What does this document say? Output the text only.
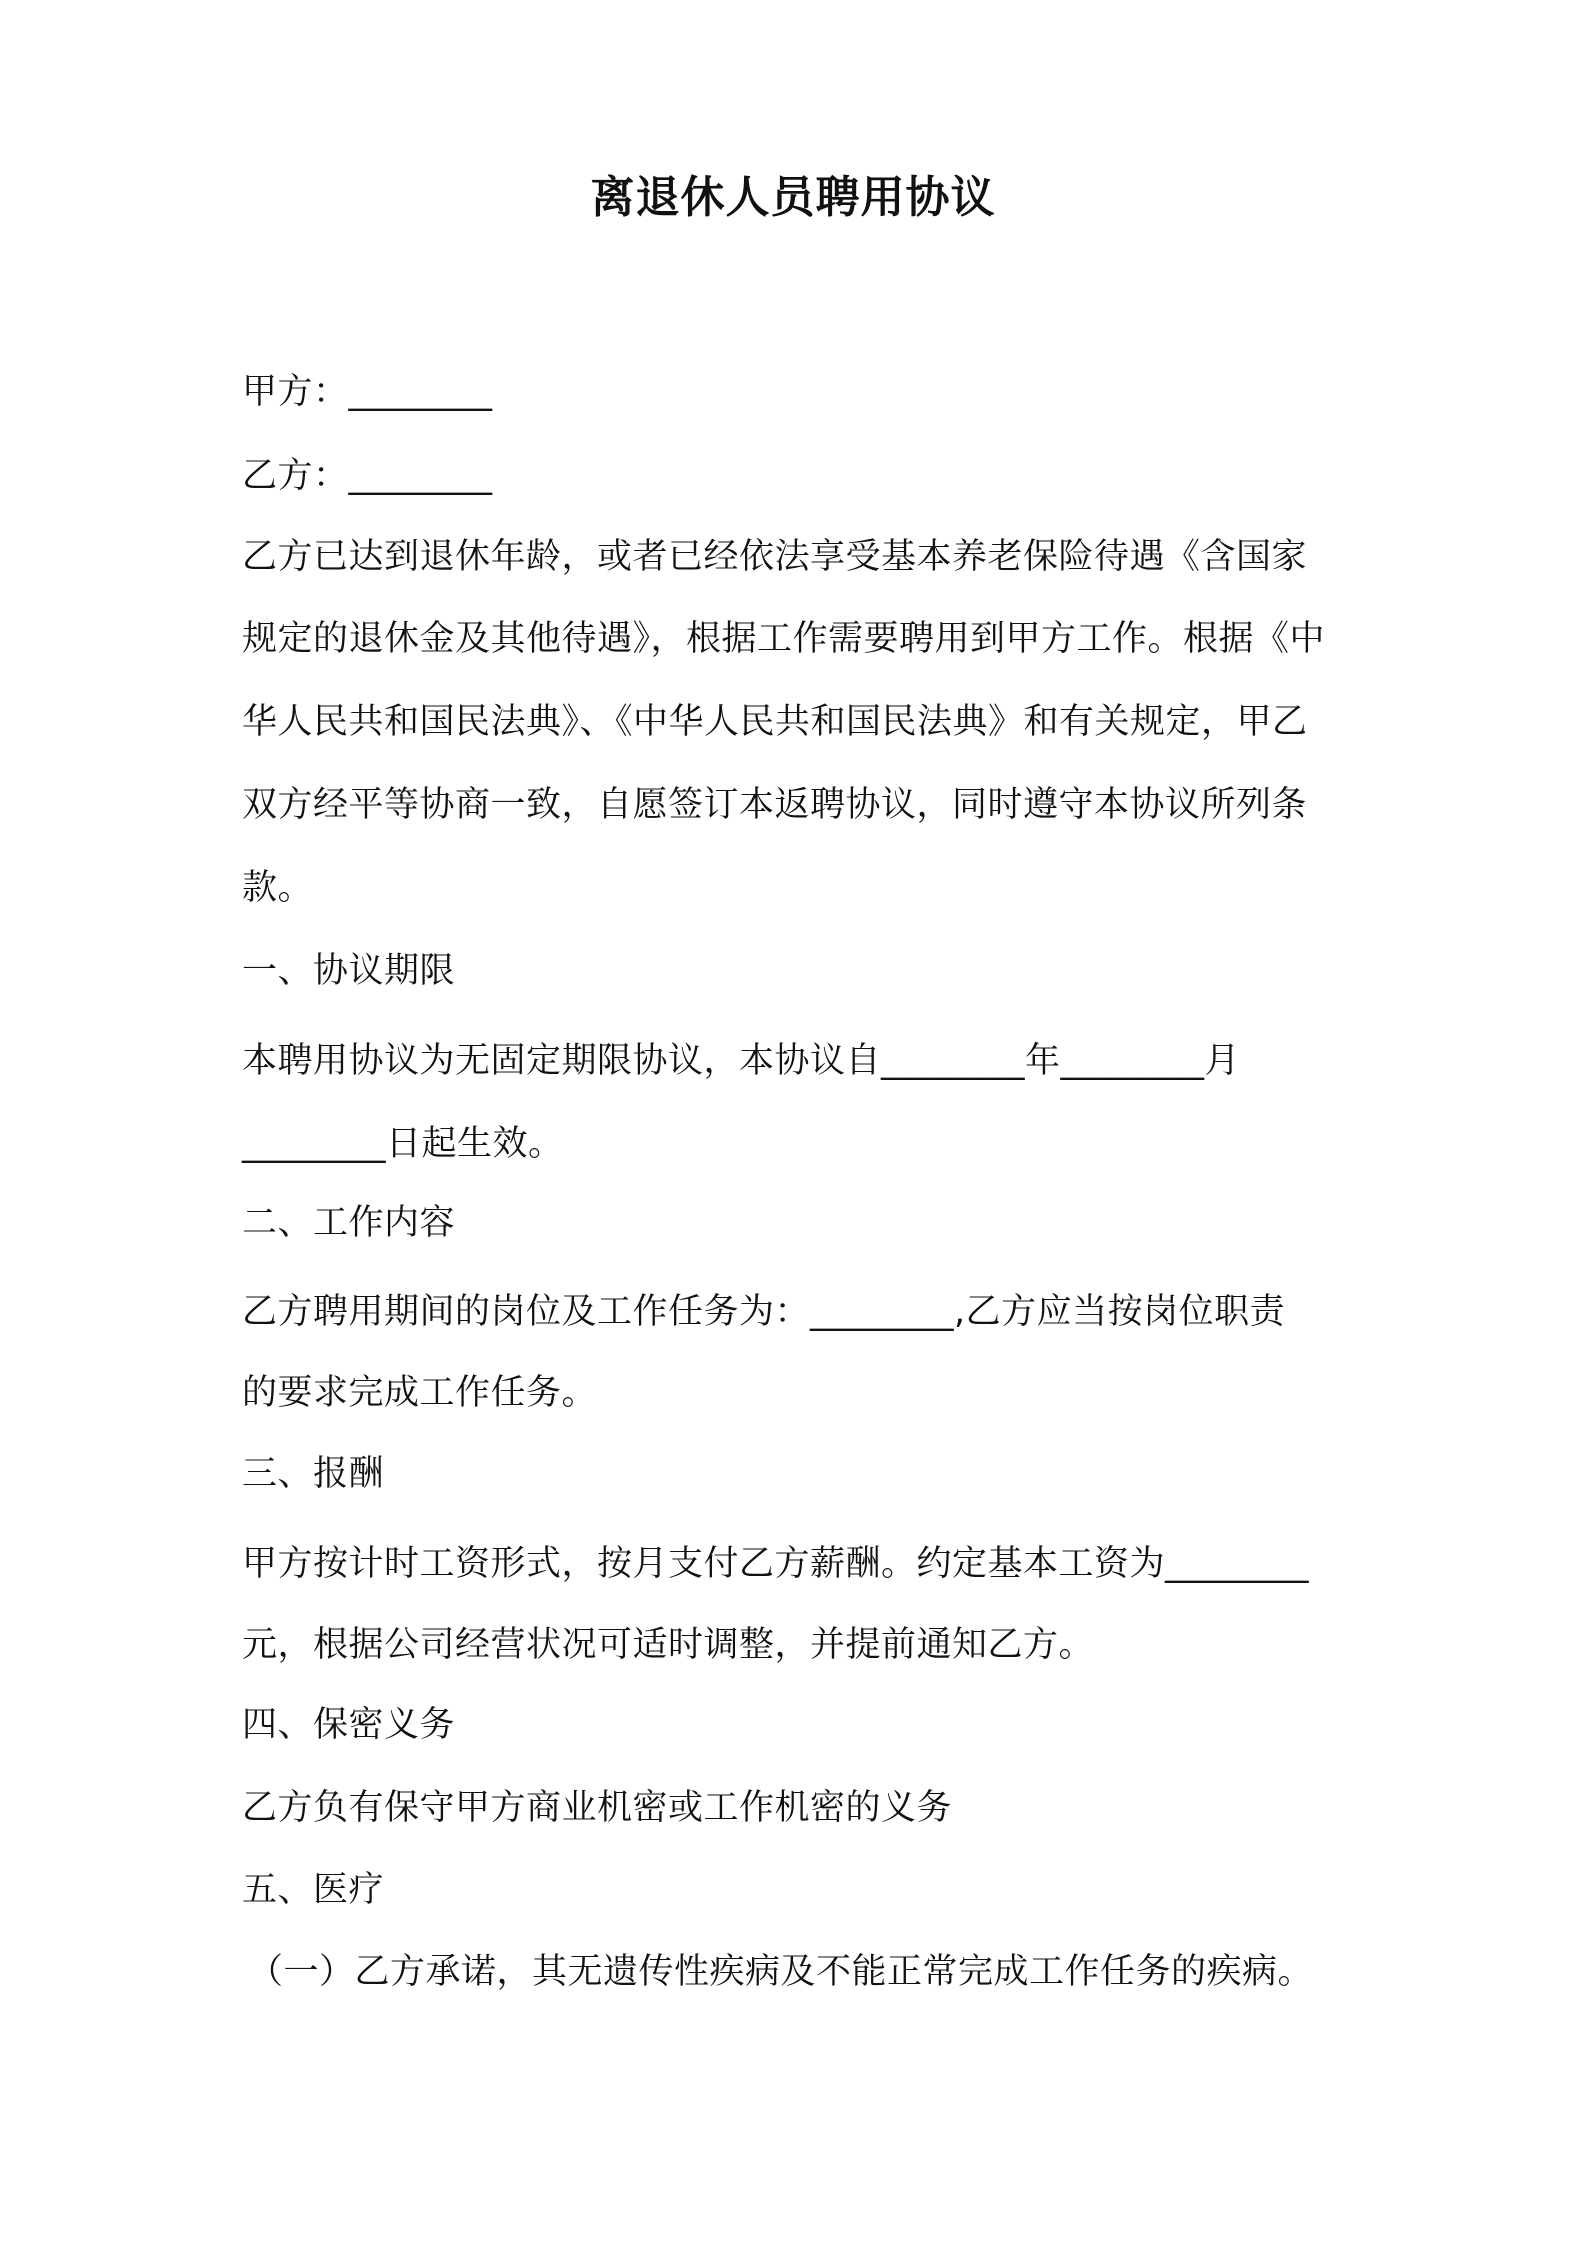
离退休人员聘用协议
甲方：________
乙方：________
乙方已达到退休年龄，或者已经依法享受基本养老保险待遇《含国家
规定的退休金及其他待遇》，根据工作需要聘用到甲方工作。根据《中
华人民共和国民法典》、《中华人民共和国民法典》和有关规定，甲乙
双方经平等协商一致，自愿签订本返聘协议，同时遵守本协议所列条
款。
一、协议期限
本聘用协议为无固定期限协议，本协议自________年________月
________日起生效。
二、工作内容
乙方聘用期间的岗位及工作任务为：________,乙方应当按岗位职责
的要求完成工作任务。
三、报酬
甲方按计时工资形式，按月支付乙方薪酬。约定基本工资为________
元，根据公司经营状况可适时调整，并提前通知乙方。
四、保密义务
乙方负有保守甲方商业机密或工作机密的义务
五、医疗
（一）乙方承诺，其无遗传性疾病及不能正常完成工作任务的疾病。
